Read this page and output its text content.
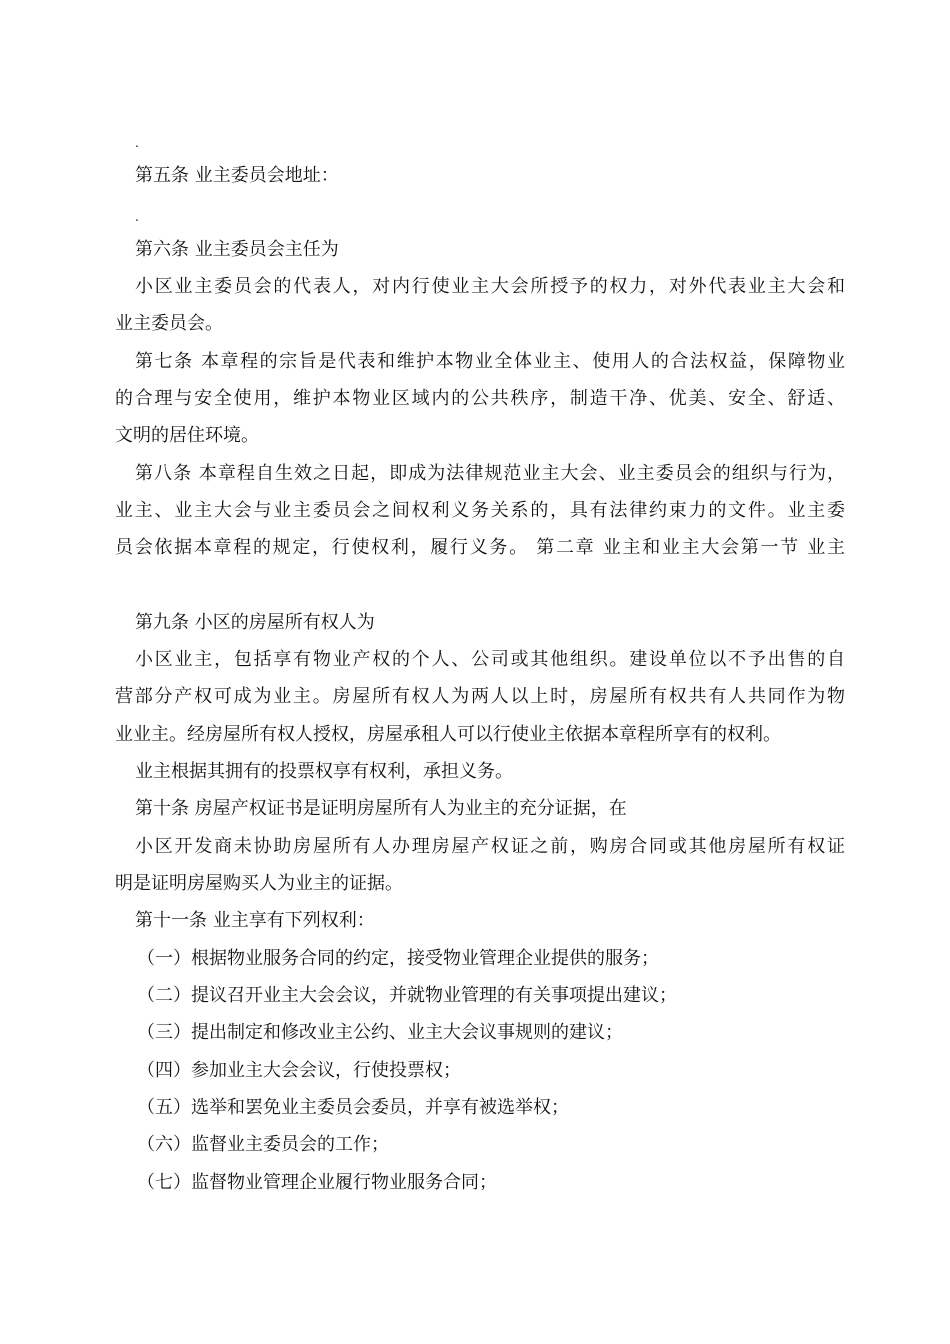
.

第五条 业主委员会地址：

.

第六条 业主委员会主任为

小区业主委员会的代表人，对内行使业主大会所授予的权力，对外代表业主大会和

业主委员会。

第七条 本章程的宗旨是代表和维护本物业全体业主、使用人的合法权益，保障物业

的合理与安全使用，维护本物业区域内的公共秩序，制造干净、优美、安全、舒适、

文明的居住环境。

第八条 本章程自生效之日起，即成为法律规范业主大会、业主委员会的组织与行为，

业主、业主大会与业主委员会之间权利义务关系的，具有法律约束力的文件。业主委

员会依据本章程的规定，行使权利，履行义务。 第二章 业主和业主大会第一节 业主

第九条 小区的房屋所有权人为

小区业主，包括享有物业产权的个人、公司或其他组织。建设单位以不予出售的自

营部分产权可成为业主。房屋所有权人为两人以上时，房屋所有权共有人共同作为物

业业主。经房屋所有权人授权，房屋承租人可以行使业主依据本章程所享有的权利。

业主根据其拥有的投票权享有权利，承担义务。

第十条 房屋产权证书是证明房屋所有人为业主的充分证据，在

小区开发商未协助房屋所有人办理房屋产权证之前，购房合同或其他房屋所有权证

明是证明房屋购买人为业主的证据。

第十一条 业主享有下列权利：

（一）根据物业服务合同的约定，接受物业管理企业提供的服务；

（二）提议召开业主大会会议，并就物业管理的有关事项提出建议；

（三）提出制定和修改业主公约、业主大会议事规则的建议；

（四）参加业主大会会议，行使投票权；

（五）选举和罢免业主委员会委员，并享有被选举权；

（六）监督业主委员会的工作；

（七）监督物业管理企业履行物业服务合同；
